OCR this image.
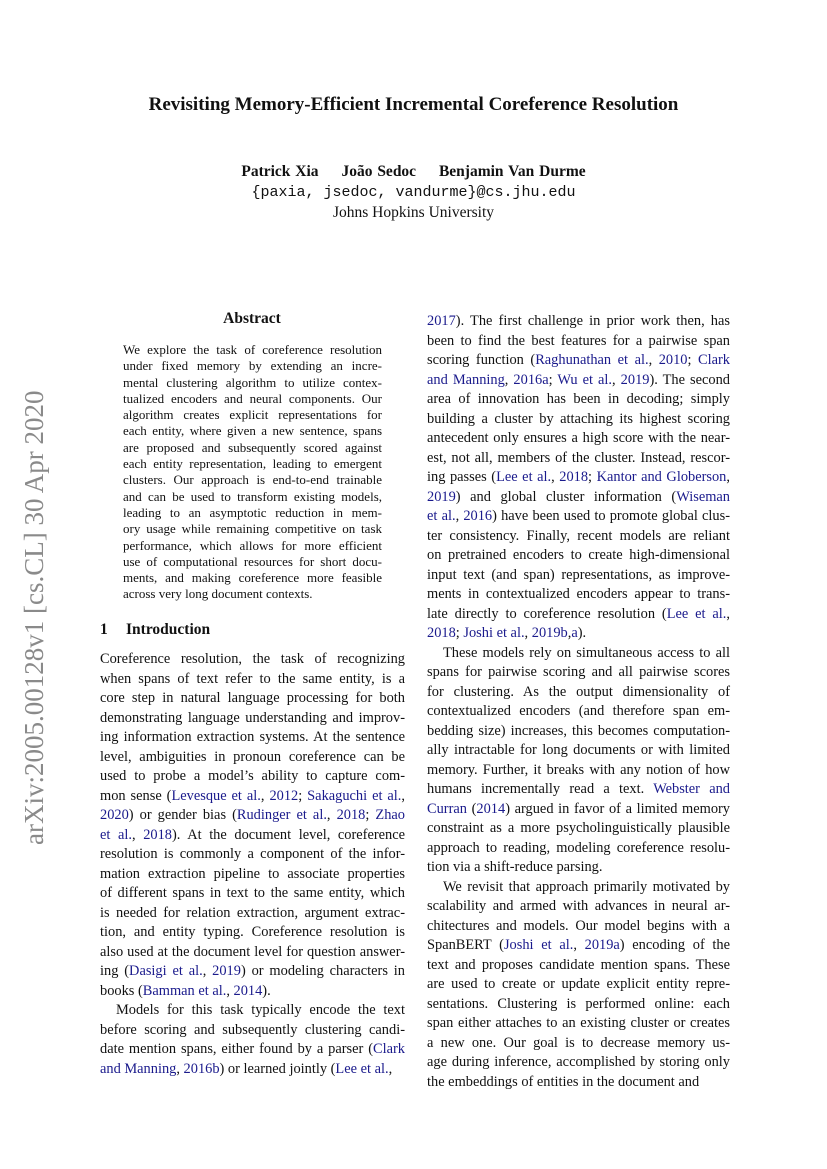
arXiv:2005.00128v1 [cs.CL] 30 Apr 2020
Revisiting Memory-Efficient Incremental Coreference Resolution
Patrick Xia João Sedoc Benjamin Van Durme
{paxia, jsedoc, vandurme}@cs.jhu.edu
Johns Hopkins University
Abstract
We explore the task of coreference resolution
under fixed memory by extending an incre-
mental clustering algorithm to utilize contex-
tualized encoders and neural components. Our
algorithm creates explicit representations for
each entity, where given a new sentence, spans
are proposed and subsequently scored against
each entity representation, leading to emergent
clusters. Our approach is end-to-end trainable
and can be used to transform existing models,
leading to an asymptotic reduction in mem-
ory usage while remaining competitive on task
performance, which allows for more efficient
use of computational resources for short docu-
ments, and making coreference more feasible
across very long document contexts.
1 Introduction
Coreference resolution, the task of recognizing
when spans of text refer to the same entity, is a
core step in natural language processing for both
demonstrating language understanding and improv-
ing information extraction systems. At the sentence
level, ambiguities in pronoun coreference can be
used to probe a model’s ability to capture com-
mon sense (Levesque et al., 2012; Sakaguchi et al.,
2020) or gender bias (Rudinger et al., 2018; Zhao
et al., 2018). At the document level, coreference
resolution is commonly a component of the infor-
mation extraction pipeline to associate properties
of different spans in text to the same entity, which
is needed for relation extraction, argument extrac-
tion, and entity typing. Coreference resolution is
also used at the document level for question answer-
ing (Dasigi et al., 2019) or modeling characters in
books (Bamman et al., 2014).
Models for this task typically encode the text
before scoring and subsequently clustering candi-
date mention spans, either found by a parser (Clark
and Manning, 2016b) or learned jointly (Lee et al.,
2017). The first challenge in prior work then, has
been to find the best features for a pairwise span
scoring function (Raghunathan et al., 2010; Clark
and Manning, 2016a; Wu et al., 2019). The second
area of innovation has been in decoding; simply
building a cluster by attaching its highest scoring
antecedent only ensures a high score with the near-
est, not all, members of the cluster. Instead, rescor-
ing passes (Lee et al., 2018; Kantor and Globerson,
2019) and global cluster information (Wiseman
et al., 2016) have been used to promote global clus-
ter consistency. Finally, recent models are reliant
on pretrained encoders to create high-dimensional
input text (and span) representations, as improve-
ments in contextualized encoders appear to trans-
late directly to coreference resolution (Lee et al.,
2018; Joshi et al., 2019b,a).
These models rely on simultaneous access to all
spans for pairwise scoring and all pairwise scores
for clustering. As the output dimensionality of
contextualized encoders (and therefore span em-
bedding size) increases, this becomes computation-
ally intractable for long documents or with limited
memory. Further, it breaks with any notion of how
humans incrementally read a text. Webster and
Curran (2014) argued in favor of a limited memory
constraint as a more psycholinguistically plausible
approach to reading, modeling coreference resolu-
tion via a shift-reduce parsing.
We revisit that approach primarily motivated by
scalability and armed with advances in neural ar-
chitectures and models. Our model begins with a
SpanBERT (Joshi et al., 2019a) encoding of the
text and proposes candidate mention spans. These
are used to create or update explicit entity repre-
sentations. Clustering is performed online: each
span either attaches to an existing cluster or creates
a new one. Our goal is to decrease memory us-
age during inference, accomplished by storing only
the embeddings of entities in the document and
